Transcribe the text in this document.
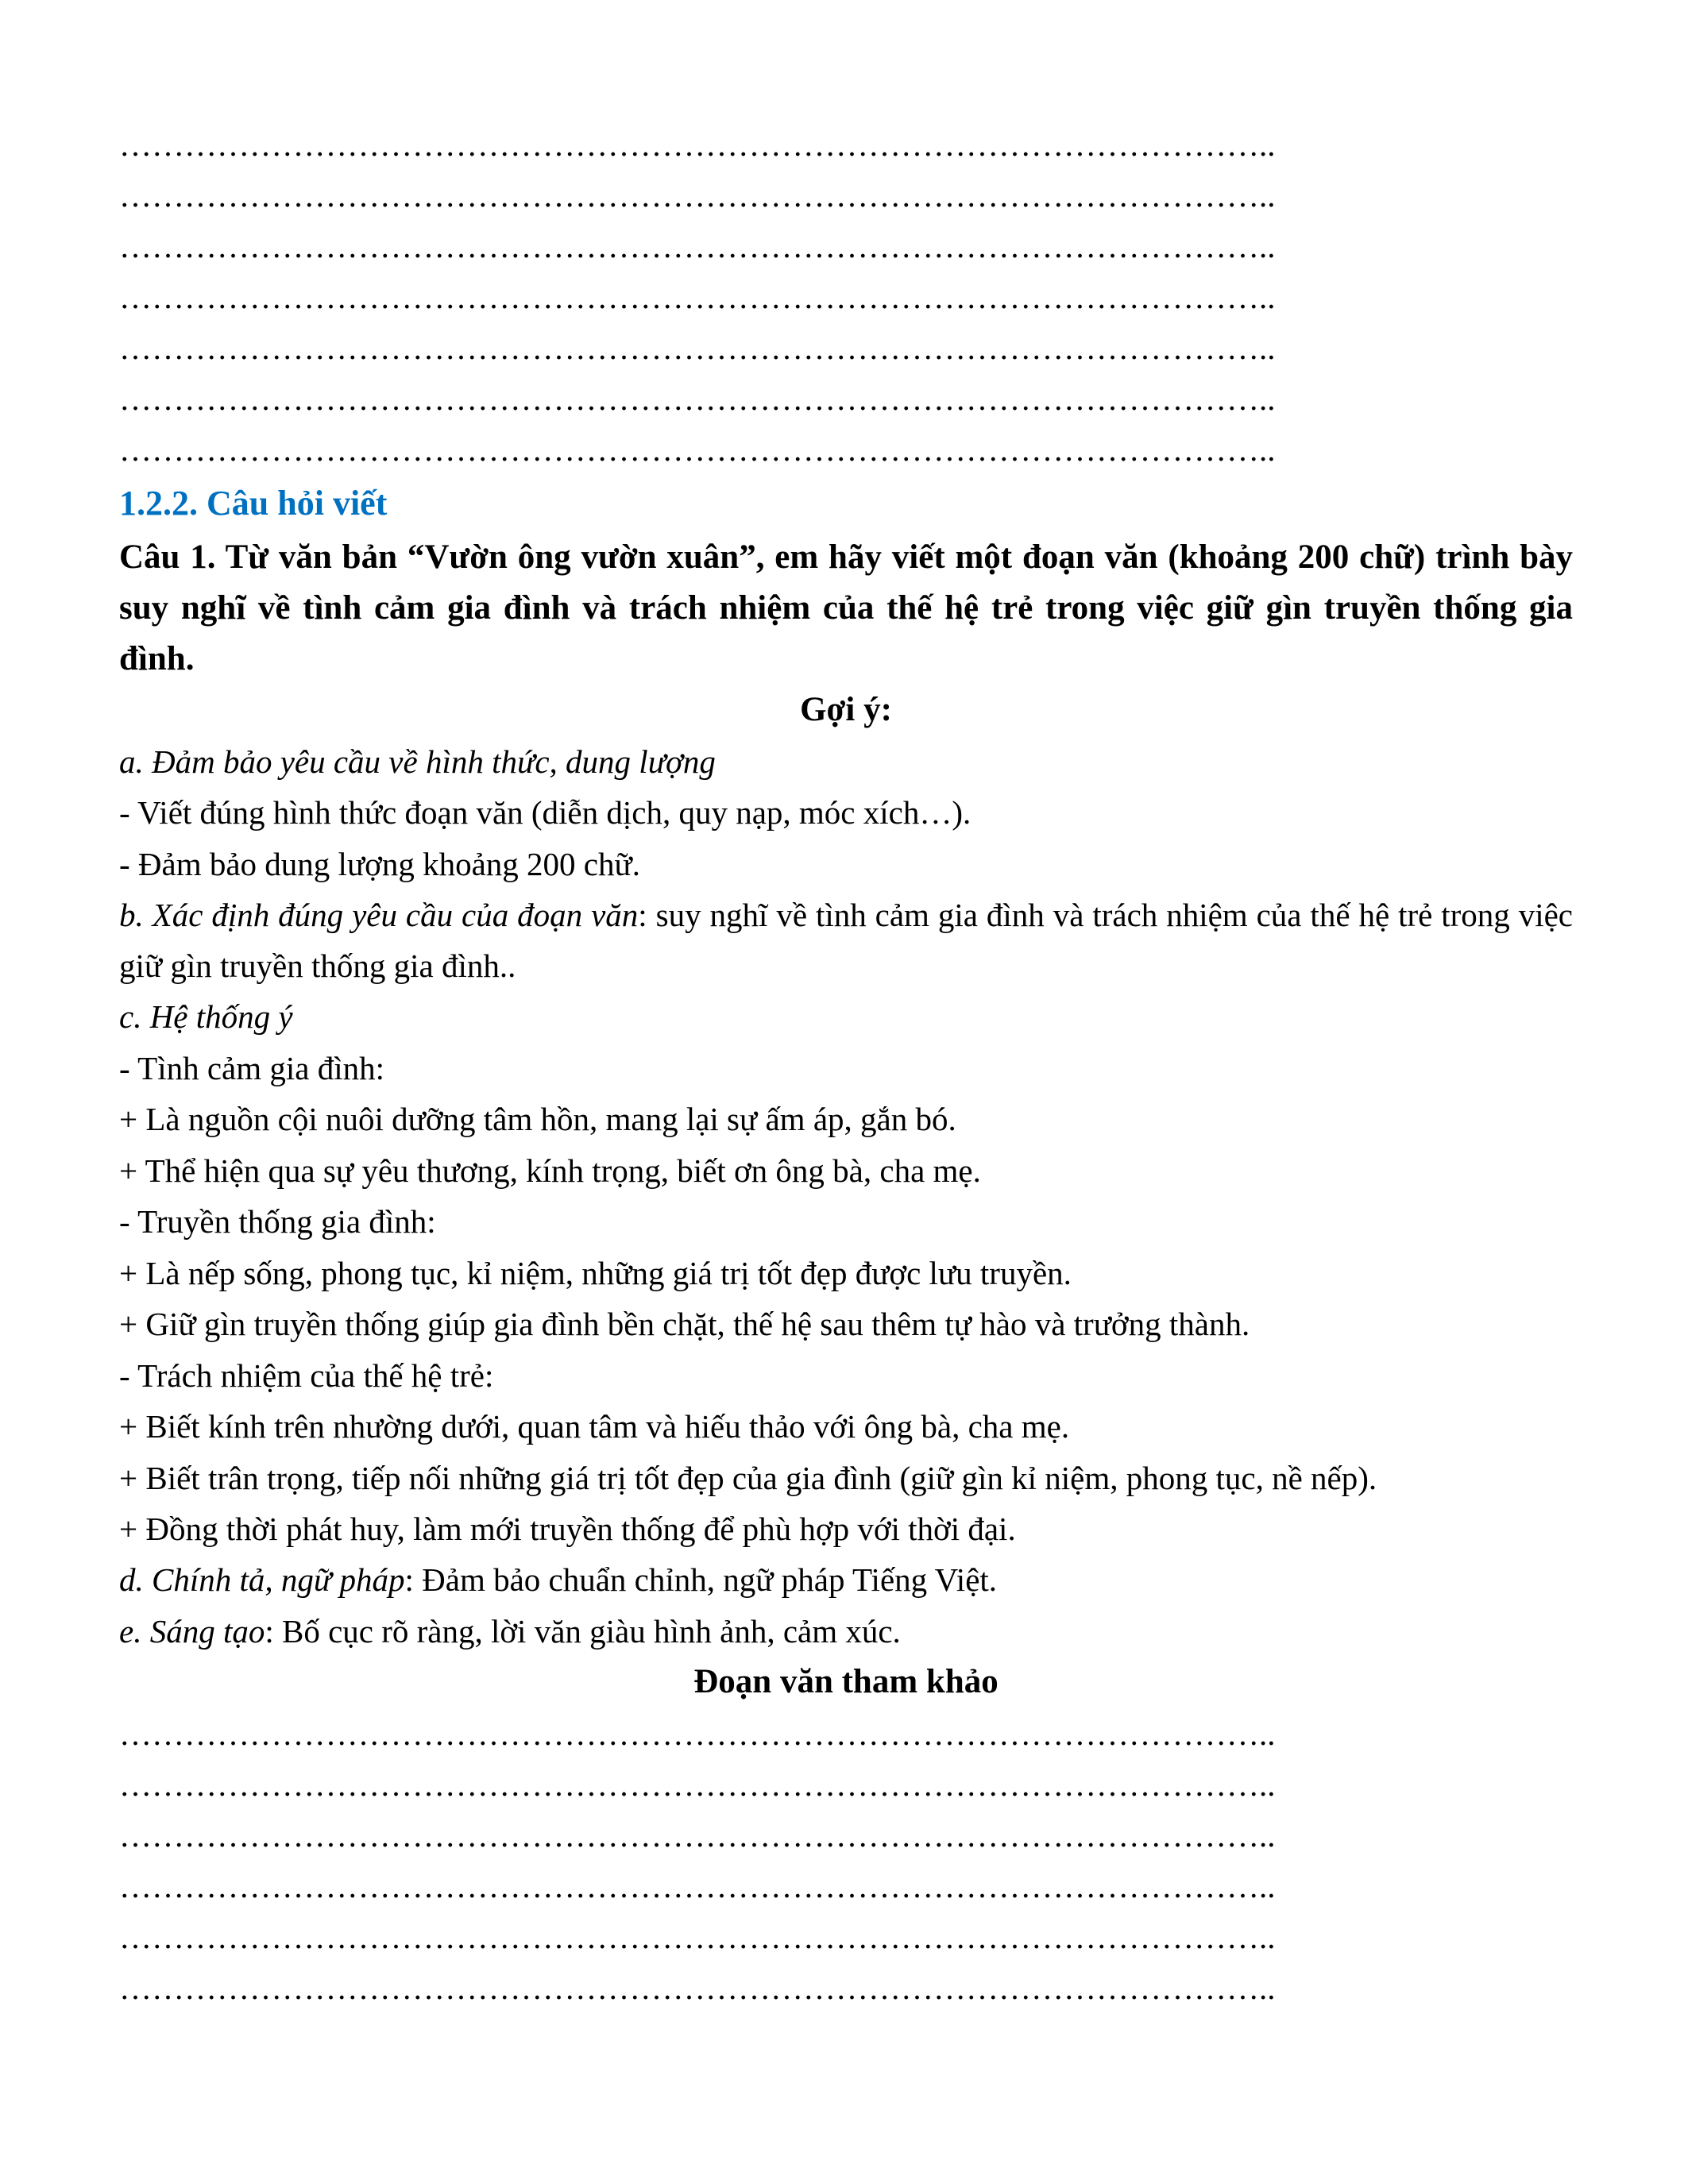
……………………………………………………………………………………………..
……………………………………………………………………………………………..
……………………………………………………………………………………………..
……………………………………………………………………………………………..
……………………………………………………………………………………………..
……………………………………………………………………………………………..
……………………………………………………………………………………………..
1.2.2. Câu hỏi viết
Câu 1. Từ văn bản “Vườn ông vườn xuân”, em hãy viết một đoạn văn (khoảng 200 chữ) trình bày suy nghĩ về tình cảm gia đình và trách nhiệm của thế hệ trẻ trong việc giữ gìn truyền thống gia đình.
Gợi ý:
a. Đảm bảo yêu cầu về hình thức, dung lượng
- Viết đúng hình thức đoạn văn (diễn dịch, quy nạp, móc xích…).
- Đảm bảo dung lượng khoảng 200 chữ.
b. Xác định đúng yêu cầu của đoạn văn: suy nghĩ về tình cảm gia đình và trách nhiệm của thế hệ trẻ trong việc giữ gìn truyền thống gia đình..
c. Hệ thống ý
- Tình cảm gia đình:
+ Là nguồn cội nuôi dưỡng tâm hồn, mang lại sự ấm áp, gắn bó.
+ Thể hiện qua sự yêu thương, kính trọng, biết ơn ông bà, cha mẹ.
- Truyền thống gia đình:
+ Là nếp sống, phong tục, kỉ niệm, những giá trị tốt đẹp được lưu truyền.
+ Giữ gìn truyền thống giúp gia đình bền chặt, thế hệ sau thêm tự hào và trưởng thành.
- Trách nhiệm của thế hệ trẻ:
+ Biết kính trên nhường dưới, quan tâm và hiếu thảo với ông bà, cha mẹ.
+ Biết trân trọng, tiếp nối những giá trị tốt đẹp của gia đình (giữ gìn kỉ niệm, phong tục, nề nếp).
+ Đồng thời phát huy, làm mới truyền thống để phù hợp với thời đại.
d. Chính tả, ngữ pháp: Đảm bảo chuẩn chỉnh, ngữ pháp Tiếng Việt.
e. Sáng tạo: Bố cục rõ ràng, lời văn giàu hình ảnh, cảm xúc.
Đoạn văn tham khảo
……………………………………………………………………………………………..
……………………………………………………………………………………………..
……………………………………………………………………………………………..
……………………………………………………………………………………………..
……………………………………………………………………………………………..
……………………………………………………………………………………………..
